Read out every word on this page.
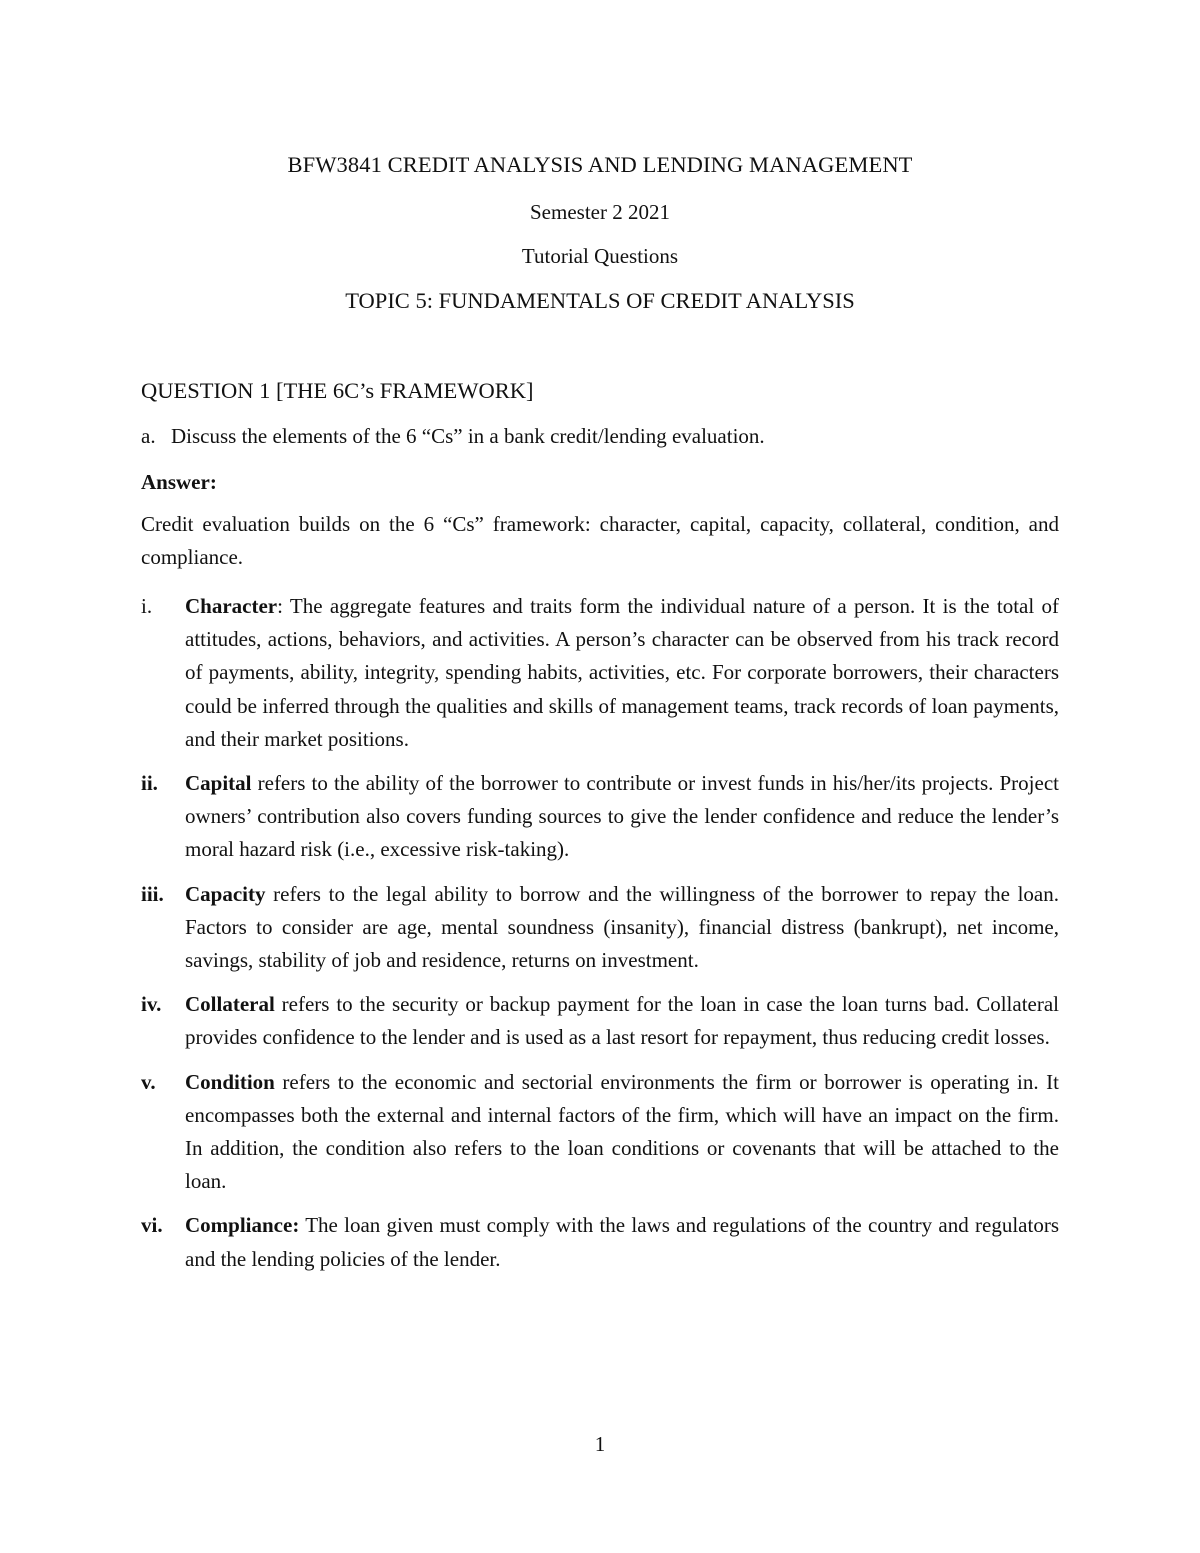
BFW3841 CREDIT ANALYSIS AND LENDING MANAGEMENT

Semester 2 2021

Tutorial Questions

TOPIC 5: FUNDAMENTALS OF CREDIT ANALYSIS

QUESTION 1 [THE 6C’s FRAMEWORK]

a. Discuss the elements of the 6 “Cs” in a bank credit/lending evaluation.

Answer:

Credit evaluation builds on the 6 “Cs” framework: character, capital, capacity, collateral, condition, and compliance.

i.	Character: The aggregate features and traits form the individual nature of a person. It is the total of attitudes, actions, behaviors, and activities. A person’s character can be observed from his track record of payments, ability, integrity, spending habits, activities, etc. For corporate borrowers, their characters could be inferred through the qualities and skills of management teams, track records of loan payments, and their market positions.
ii.	Capital refers to the ability of the borrower to contribute or invest funds in his/her/its projects. Project owners’ contribution also covers funding sources to give the lender confidence and reduce the lender’s moral hazard risk (i.e., excessive risk-taking).
iii.	Capacity refers to the legal ability to borrow and the willingness of the borrower to repay the loan. Factors to consider are age, mental soundness (insanity), financial distress (bankrupt), net income, savings, stability of job and residence, returns on investment.
iv.	Collateral refers to the security or backup payment for the loan in case the loan turns bad. Collateral provides confidence to the lender and is used as a last resort for repayment, thus reducing credit losses.
v.	Condition refers to the economic and sectorial environments the firm or borrower is operating in. It encompasses both the external and internal factors of the firm, which will have an impact on the firm. In addition, the condition also refers to the loan conditions or covenants that will be attached to the loan.
vi.	Compliance: The loan given must comply with the laws and regulations of the country and regulators and the lending policies of the lender.

1
